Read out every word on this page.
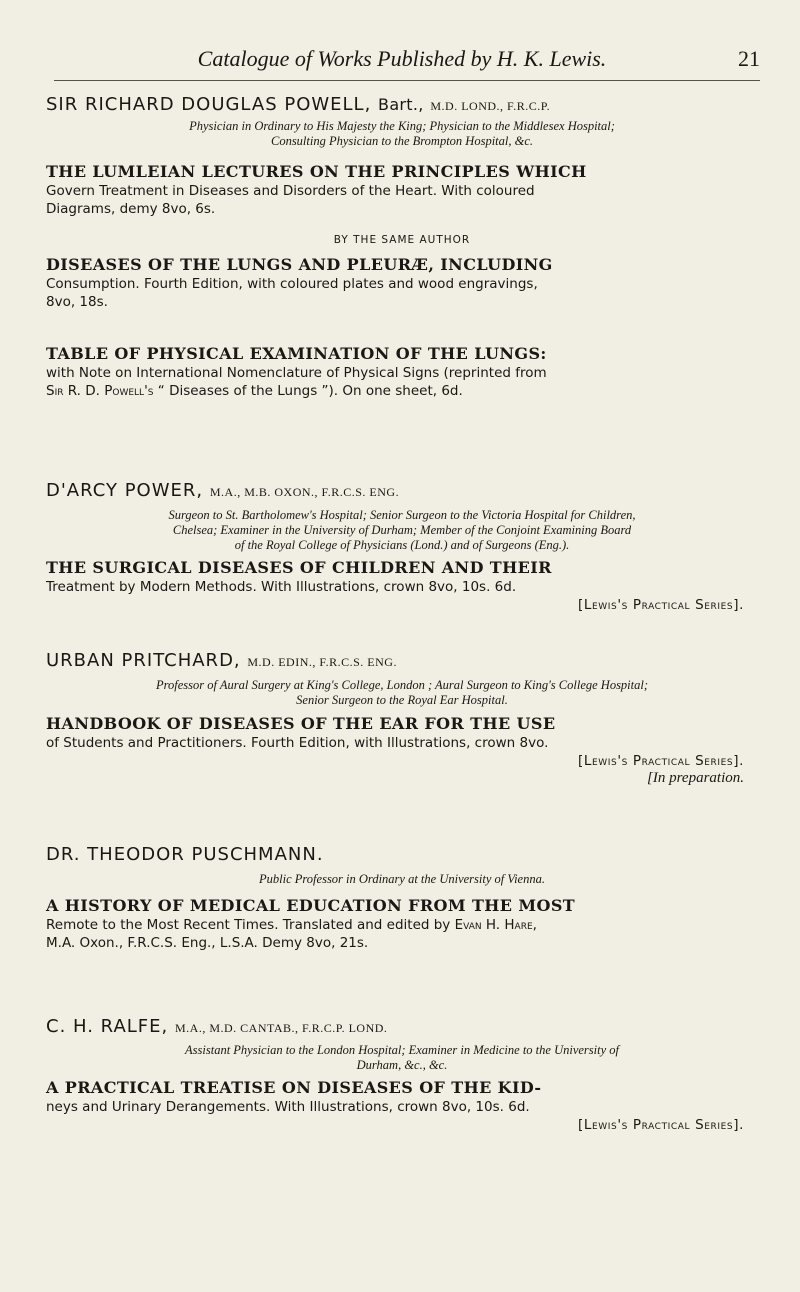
Catalogue of Works Published by H. K. Lewis.	21
SIR RICHARD DOUGLAS POWELL, Bart., M.D. LOND., F.R.C.P.
Physician in Ordinary to His Majesty the King; Physician to the Middlesex Hospital;
Consulting Physician to the Brompton Hospital, &c.
THE LUMLEIAN LECTURES ON THE PRINCIPLES WHICH
Govern Treatment in Diseases and Disorders of the Heart. With coloured
Diagrams, demy 8vo, 6s.
BY THE SAME AUTHOR
DISEASES OF THE LUNGS AND PLEURÆ, INCLUDING
Consumption. Fourth Edition, with coloured plates and wood engravings,
8vo, 18s.
TABLE OF PHYSICAL EXAMINATION OF THE LUNGS:
with Note on International Nomenclature of Physical Signs (reprinted from
Sir R. D. Powell's “ Diseases of the Lungs ”). On one sheet, 6d.
D'ARCY POWER, M.A., M.B. OXON., F.R.C.S. ENG.
Surgeon to St. Bartholomew's Hospital; Senior Surgeon to the Victoria Hospital for Children,
Chelsea; Examiner in the University of Durham; Member of the Conjoint Examining Board
of the Royal College of Physicians (Lond.) and of Surgeons (Eng.).
THE SURGICAL DISEASES OF CHILDREN AND THEIR
Treatment by Modern Methods. With Illustrations, crown 8vo, 10s. 6d.
[Lewis's Practical Series].
URBAN PRITCHARD, M.D. EDIN., F.R.C.S. ENG.
Professor of Aural Surgery at King's College, London ; Aural Surgeon to King's College Hospital;
Senior Surgeon to the Royal Ear Hospital.
HANDBOOK OF DISEASES OF THE EAR FOR THE USE
of Students and Practitioners. Fourth Edition, with Illustrations, crown 8vo.
[Lewis's Practical Series].
[In preparation.
DR. THEODOR PUSCHMANN.
Public Professor in Ordinary at the University of Vienna.
A HISTORY OF MEDICAL EDUCATION FROM THE MOST
Remote to the Most Recent Times. Translated and edited by Evan H. Hare,
M.A. Oxon., F.R.C.S. Eng., L.S.A. Demy 8vo, 21s.
C. H. RALFE, M.A., M.D. CANTAB., F.R.C.P. LOND.
Assistant Physician to the London Hospital; Examiner in Medicine to the University of
Durham, &c., &c.
A PRACTICAL TREATISE ON DISEASES OF THE KID-
neys and Urinary Derangements. With Illustrations, crown 8vo, 10s. 6d.
[Lewis's Practical Series].
